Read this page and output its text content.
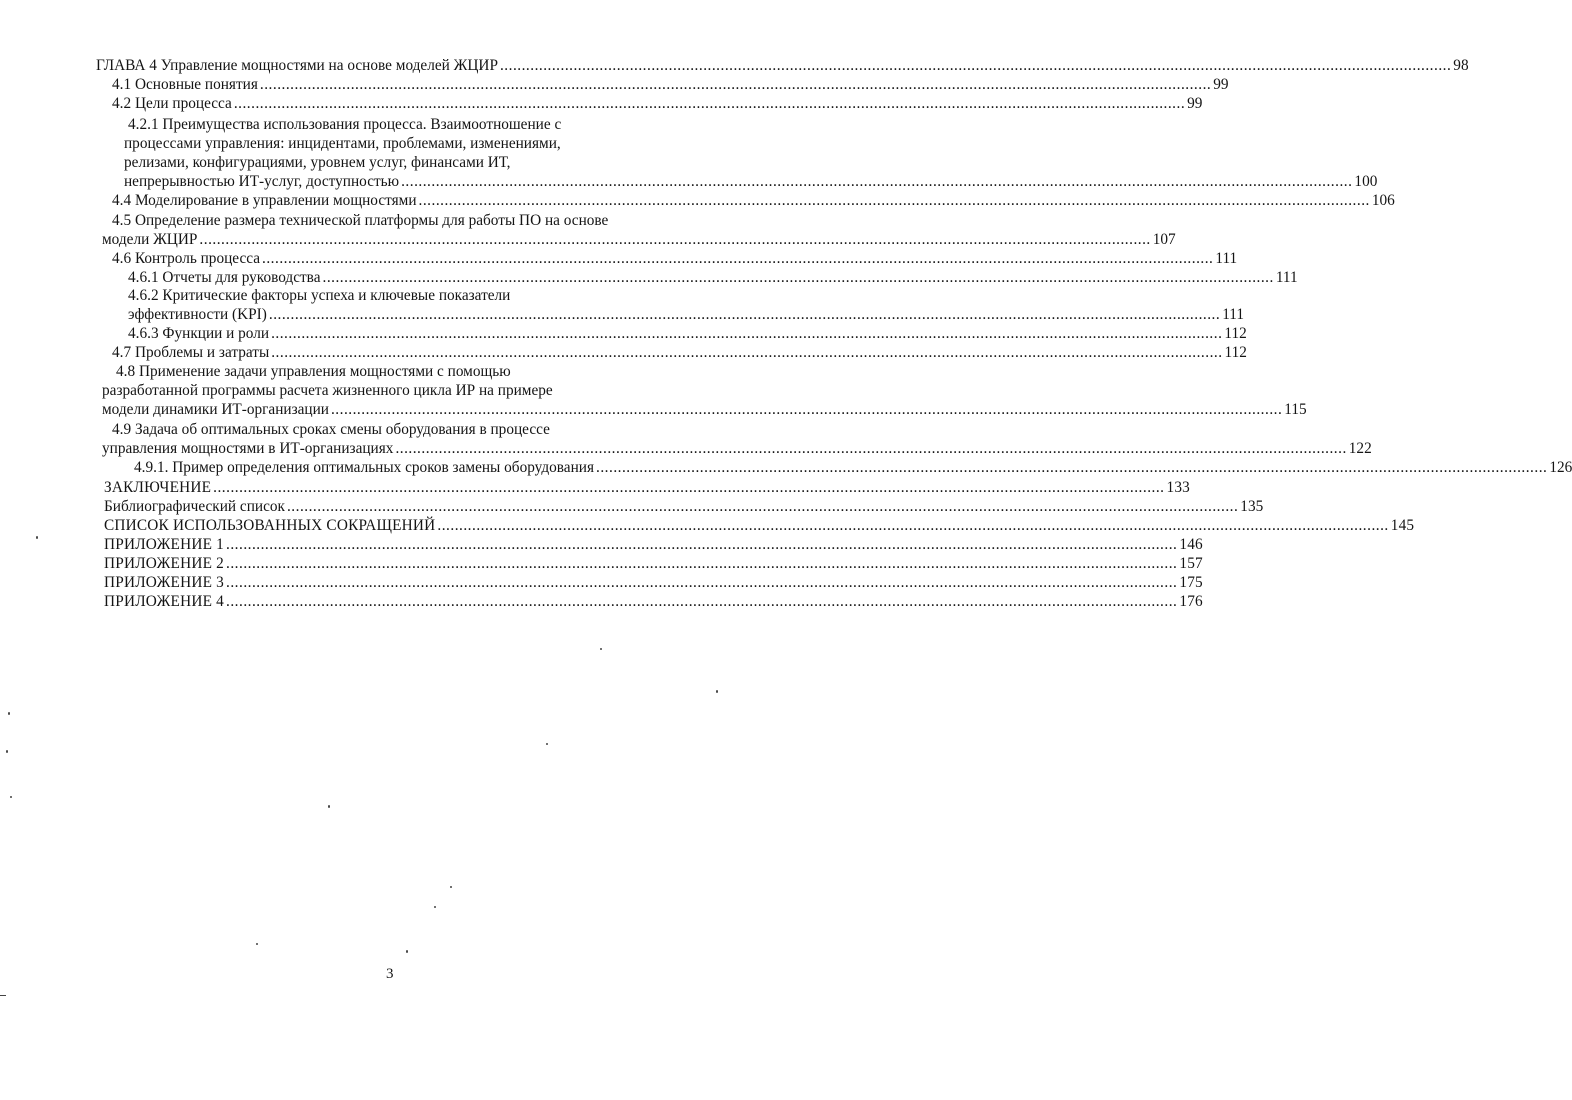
ГЛАВА 4 Управление мощностями на основе моделей ЖЦИР ............................................................................................................................................................................................................................ 98
4.1 Основные понятия ............................................................................................................................................................................................................................ 99
4.2 Цели процесса ............................................................................................................................................................................................................................ 99
4.2.1 Преимущества использования процесса. Взаимоотношение с
процессами управления: инцидентами, проблемами, изменениями,
релизами, конфигурациями, уровнем услуг, финансами ИТ,
непрерывностью ИТ-услуг, доступностью ............................................................................................................................................................................................................................ 100
4.4 Моделирование в управлении мощностями ............................................................................................................................................................................................................................ 106
4.5 Определение размера технической платформы для работы ПО на основе
модели ЖЦИР ............................................................................................................................................................................................................................ 107
4.6 Контроль процесса ............................................................................................................................................................................................................................ 111
4.6.1 Отчеты для руководства ............................................................................................................................................................................................................................ 111
4.6.2 Критические факторы успеха и ключевые показатели
эффективности (KPI) ............................................................................................................................................................................................................................ 111
4.6.3 Функции и роли ............................................................................................................................................................................................................................ 112
4.7 Проблемы и затраты ............................................................................................................................................................................................................................ 112
4.8 Применение задачи управления мощностями с помощью
разработанной программы расчета жизненного цикла ИР на примере
модели динамики ИТ-организации ............................................................................................................................................................................................................................ 115
4.9 Задача об оптимальных сроках смены оборудования в процессе
управления мощностями в ИТ-организациях ............................................................................................................................................................................................................................ 122
4.9.1. Пример определения оптимальных сроков замены оборудования ............................................................................................................................................................................................................................ 126
ЗАКЛЮЧЕНИЕ ............................................................................................................................................................................................................................ 133
Библиографический список ............................................................................................................................................................................................................................ 135
СПИСОК ИСПОЛЬЗОВАННЫХ СОКРАЩЕНИЙ ............................................................................................................................................................................................................................ 145
ПРИЛОЖЕНИЕ 1 ............................................................................................................................................................................................................................ 146
ПРИЛОЖЕНИЕ 2 ............................................................................................................................................................................................................................ 157
ПРИЛОЖЕНИЕ 3 ............................................................................................................................................................................................................................ 175
ПРИЛОЖЕНИЕ 4 ............................................................................................................................................................................................................................ 176
3
